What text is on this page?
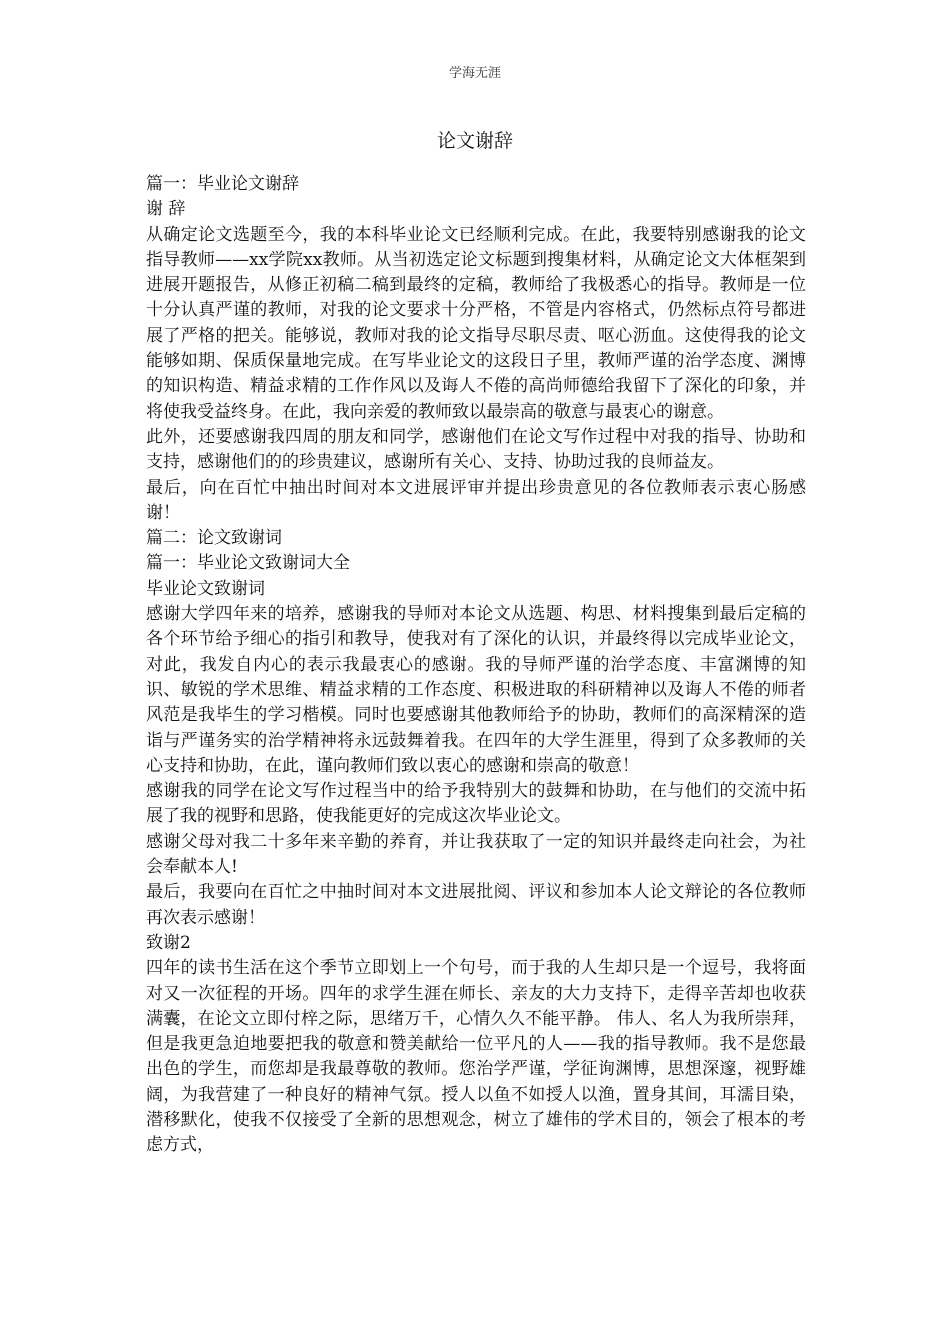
学海无涯
论文谢辞

篇一：毕业论文谢辞

谢 辞

从确定论文选题至今，我的本科毕业论文已经顺利完成。在此，我要特别感谢我的论文指导教师——xx学院xx教师。从当初选定论文标题到搜集材料，从确定论文大体框架到进展开题报告，从修正初稿二稿到最终的定稿，教师给了我极悉心的指导。教师是一位十分认真严谨的教师，对我的论文要求十分严格，不管是内容格式，仍然标点符号都进展了严格的把关。能够说，教师对我的论文指导尽职尽责、呕心沥血。这使得我的论文能够如期、保质保量地完成。在写毕业论文的这段日子里，教师严谨的治学态度、渊博的知识构造、精益求精的工作作风以及诲人不倦的高尚师德给我留下了深化的印象，并将使我受益终身。在此，我向亲爱的教师致以最崇高的敬意与最衷心的谢意。

此外，还要感谢我四周的朋友和同学，感谢他们在论文写作过程中对我的指导、协助和支持，感谢他们的的珍贵建议，感谢所有关心、支持、协助过我的良师益友。

最后，向在百忙中抽出时间对本文进展评审并提出珍贵意见的各位教师表示衷心肠感谢！

篇二：论文致谢词

篇一：毕业论文致谢词大全

毕业论文致谢词

感谢大学四年来的培养，感谢我的导师对本论文从选题、构思、材料搜集到最后定稿的各个环节给予细心的指引和教导，使我对有了深化的认识，并最终得以完成毕业论文，对此，我发自内心的表示我最衷心的感谢。我的导师严谨的治学态度、丰富渊博的知识、敏锐的学术思维、精益求精的工作态度、积极进取的科研精神以及诲人不倦的师者风范是我毕生的学习楷模。同时也要感谢其他教师给予的协助，教师们的高深精深的造诣与严谨务实的治学精神将永远鼓舞着我。在四年的大学生涯里，得到了众多教师的关心支持和协助，在此，谨向教师们致以衷心的感谢和崇高的敬意！

感谢我的同学在论文写作过程当中的给予我特别大的鼓舞和协助，在与他们的交流中拓展了我的视野和思路，使我能更好的完成这次毕业论文。

感谢父母对我二十多年来辛勤的养育，并让我获取了一定的知识并最终走向社会，为社会奉献本人!

最后，我要向在百忙之中抽时间对本文进展批阅、评议和参加本人论文辩论的各位教师再次表示感谢！

致谢2

四年的读书生活在这个季节立即划上一个句号，而于我的人生却只是一个逗号，我将面对又一次征程的开场。四年的求学生涯在师长、亲友的大力支持下，走得辛苦却也收获满囊，在论文立即付梓之际，思绪万千，心情久久不能平静。 伟人、名人为我所崇拜，但是我更急迫地要把我的敬意和赞美献给一位平凡的人——我的指导教师。我不是您最出色的学生，而您却是我最尊敬的教师。您治学严谨，学征询渊博，思想深邃，视野雄阔，为我营建了一种良好的精神气氛。授人以鱼不如授人以渔，置身其间，耳濡目染，潜移默化，使我不仅接受了全新的思想观念，树立了雄伟的学术目的，领会了根本的考虑方式，
